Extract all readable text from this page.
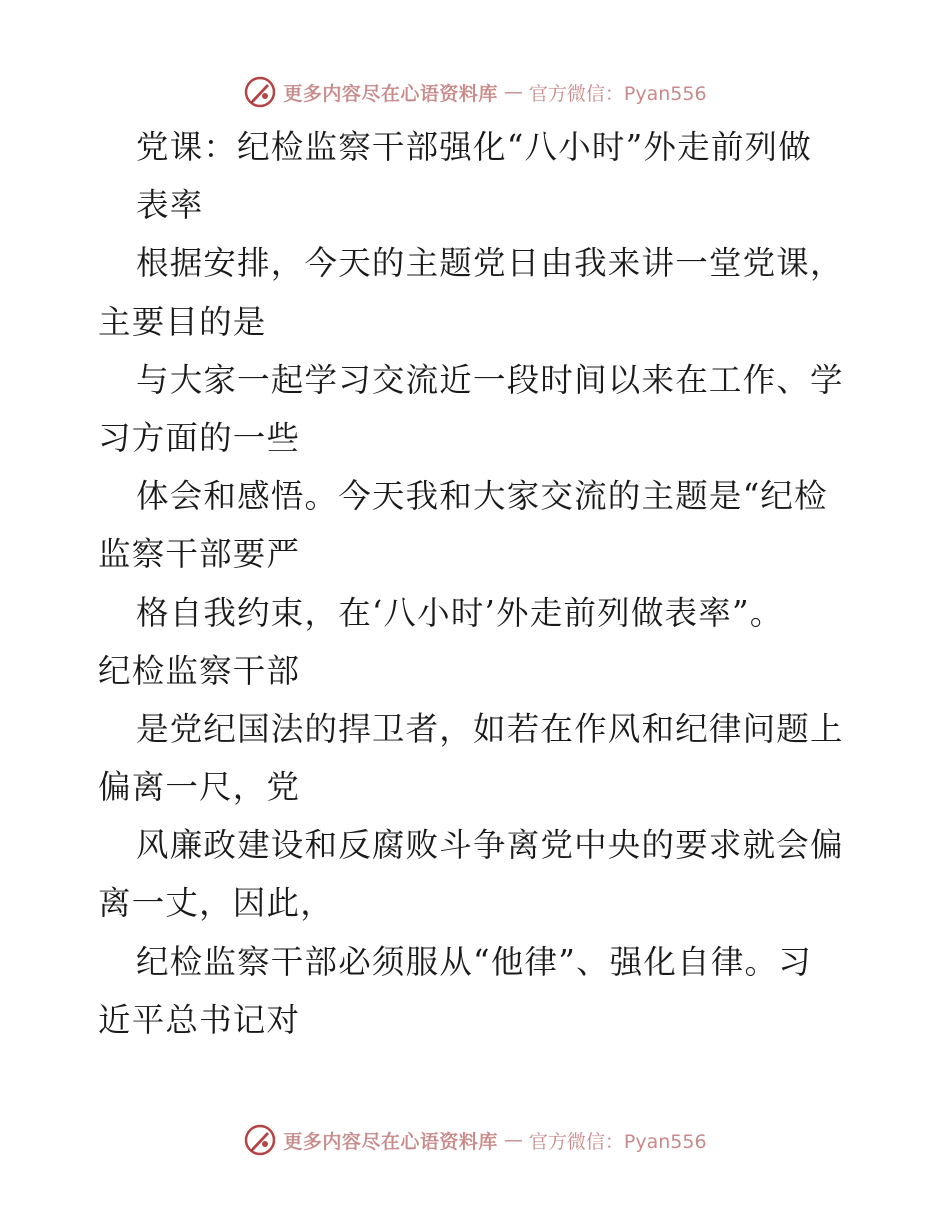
更多内容尽在心语资料库 — 官方微信：Pyan556
党课：纪检监察干部强化“八小时”外走前列做
表率
根据安排，今天的主题党日由我来讲一堂党课，
主要目的是
与大家一起学习交流近一段时间以来在工作、学
习方面的一些
体会和感悟。今天我和大家交流的主题是“纪检
监察干部要严
格自我约束，在‘八小时’外走前列做表率”。
纪检监察干部
是党纪国法的捍卫者，如若在作风和纪律问题上
偏离一尺，党
风廉政建设和反腐败斗争离党中央的要求就会偏
离一丈，因此，
纪检监察干部必须服从“他律”、强化自律。习
近平总书记对
更多内容尽在心语资料库 — 官方微信：Pyan556
